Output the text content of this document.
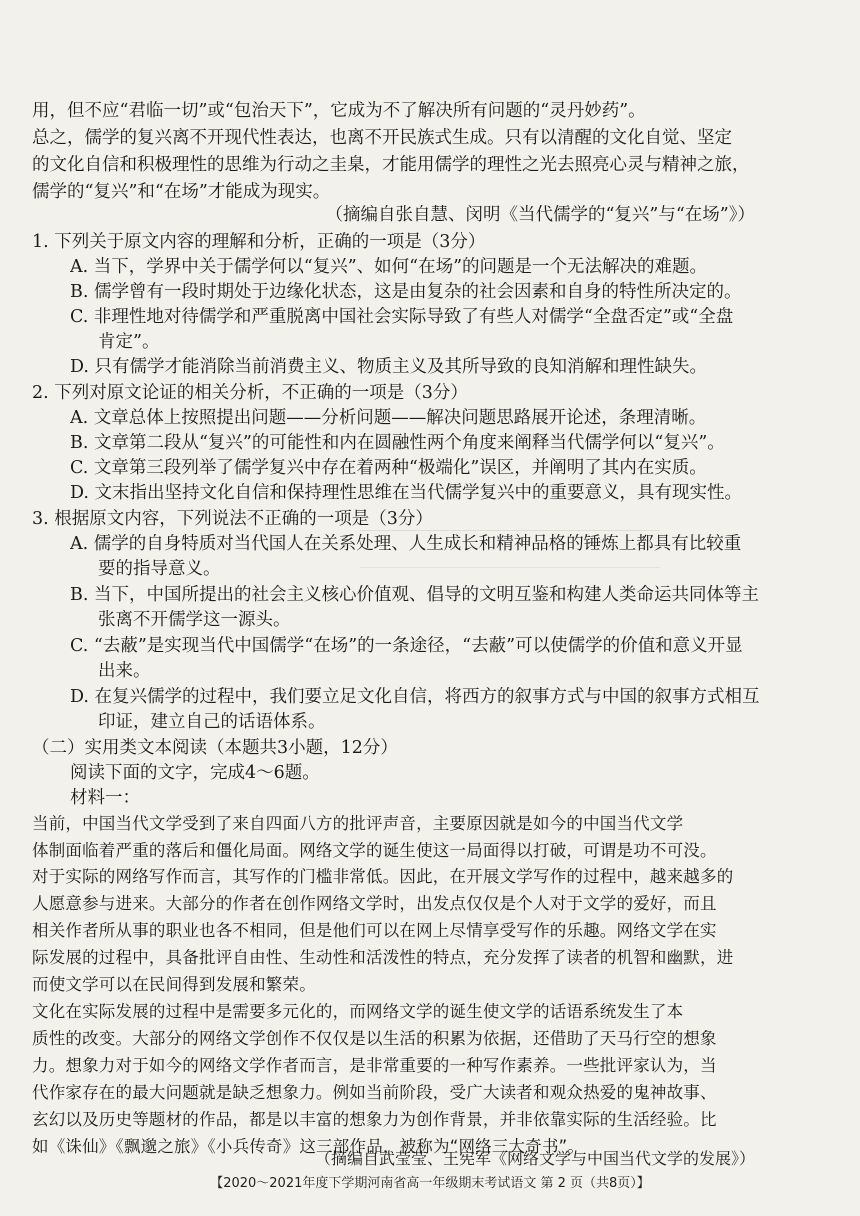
用，但不应“君临一切”或“包治天下”，它成为不了解决所有问题的“灵丹妙药”。
总之，儒学的复兴离不开现代性表达，也离不开民族式生成。只有以清醒的文化自觉、坚定
的文化自信和积极理性的思维为行动之圭臬，才能用儒学的理性之光去照亮心灵与精神之旅，
儒学的“复兴”和“在场”才能成为现实。
（摘编自张自慧、闵明《当代儒学的“复兴”与“在场”》）
1. 下列关于原文内容的理解和分析，正确的一项是（3分）
A. 当下，学界中关于儒学何以“复兴”、如何“在场”的问题是一个无法解决的难题。
B. 儒学曾有一段时期处于边缘化状态，这是由复杂的社会因素和自身的特性所决定的。
C. 非理性地对待儒学和严重脱离中国社会实际导致了有些人对儒学“全盘否定”或“全盘
肯定”。
D. 只有儒学才能消除当前消费主义、物质主义及其所导致的良知消解和理性缺失。
2. 下列对原文论证的相关分析，不正确的一项是（3分）
A. 文章总体上按照提出问题——分析问题——解决问题思路展开论述，条理清晰。
B. 文章第二段从“复兴”的可能性和内在圆融性两个角度来阐释当代儒学何以“复兴”。
C. 文章第三段列举了儒学复兴中存在着两种“极端化”误区，并阐明了其内在实质。
D. 文末指出坚持文化自信和保持理性思维在当代儒学复兴中的重要意义，具有现实性。
3. 根据原文内容，下列说法不正确的一项是（3分）
A. 儒学的自身特质对当代国人在关系处理、人生成长和精神品格的锤炼上都具有比较重
要的指导意义。
B. 当下，中国所提出的社会主义核心价值观、倡导的文明互鉴和构建人类命运共同体等主
张离不开儒学这一源头。
C. “去蔽”是实现当代中国儒学“在场”的一条途径，“去蔽”可以使儒学的价值和意义开显
出来。
D. 在复兴儒学的过程中，我们要立足文化自信，将西方的叙事方式与中国的叙事方式相互
印证，建立自己的话语体系。
（二）实用类文本阅读（本题共3小题，12分）
阅读下面的文字，完成4～6题。
材料一：
当前，中国当代文学受到了来自四面八方的批评声音，主要原因就是如今的中国当代文学
体制面临着严重的落后和僵化局面。网络文学的诞生使这一局面得以打破，可谓是功不可没。
对于实际的网络写作而言，其写作的门槛非常低。因此，在开展文学写作的过程中，越来越多的
人愿意参与进来。大部分的作者在创作网络文学时，出发点仅仅是个人对于文学的爱好，而且
相关作者所从事的职业也各不相同，但是他们可以在网上尽情享受写作的乐趣。网络文学在实
际发展的过程中，具备批评自由性、生动性和活泼性的特点，充分发挥了读者的机智和幽默，进
而使文学可以在民间得到发展和繁荣。
文化在实际发展的过程中是需要多元化的，而网络文学的诞生使文学的话语系统发生了本
质性的改变。大部分的网络文学创作不仅仅是以生活的积累为依据，还借助了天马行空的想象
力。想象力对于如今的网络文学作者而言，是非常重要的一种写作素养。一些批评家认为，当
代作家存在的最大问题就是缺乏想象力。例如当前阶段，受广大读者和观众热爱的鬼神故事、
玄幻以及历史等题材的作品，都是以丰富的想象力为创作背景，并非依靠实际的生活经验。比
如《诛仙》《飘邈之旅》《小兵传奇》这三部作品，被称为“网络三大奇书”。
（摘编自武莹莹、王宪军《网络文学与中国当代文学的发展》）
【2020～2021年度下学期河南省高一年级期末考试语文 第 2 页（共8页）】
